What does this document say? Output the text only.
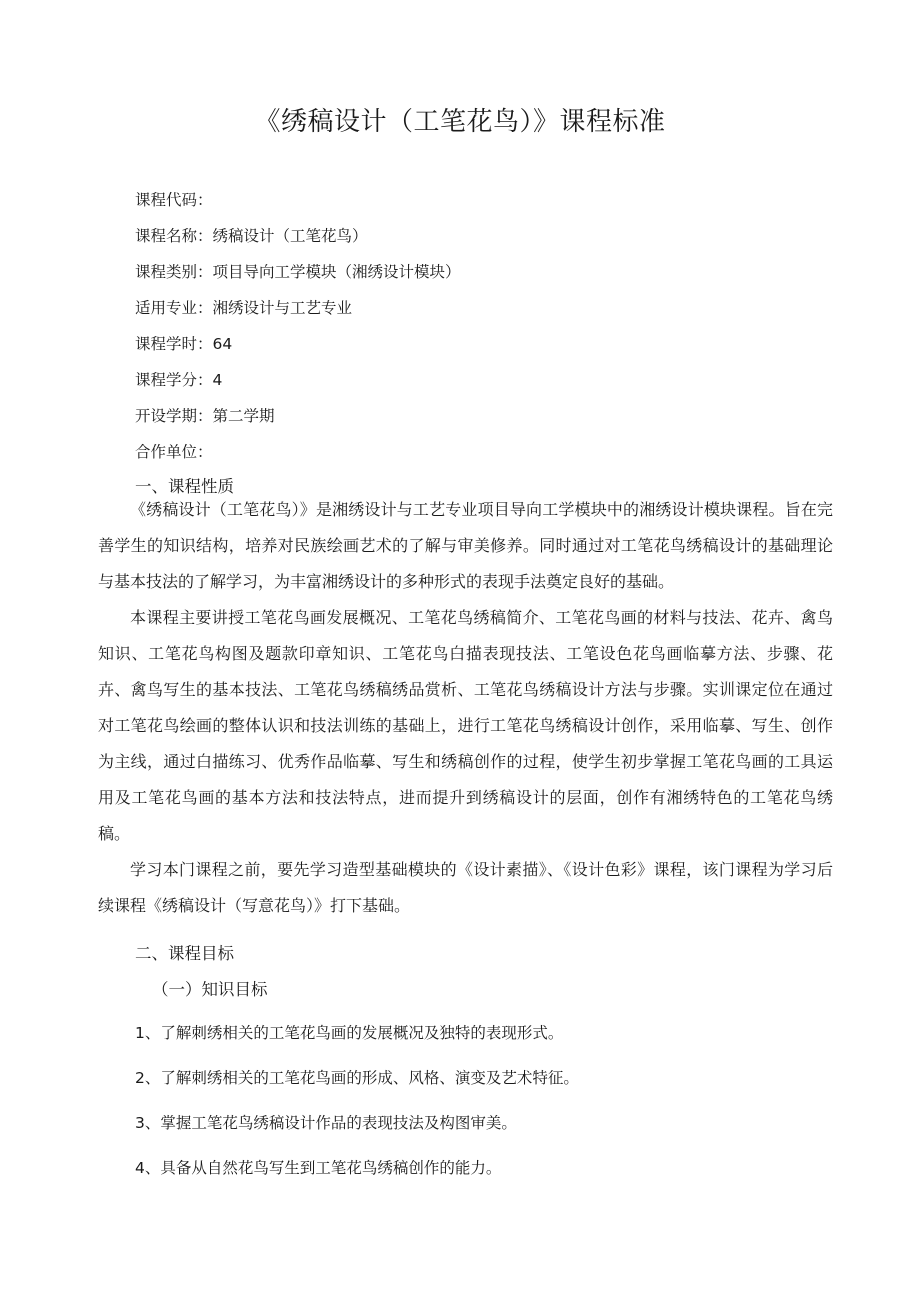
《绣稿设计（工笔花鸟）》课程标准
课程代码：
课程名称：绣稿设计（工笔花鸟）
课程类别：项目导向工学模块（湘绣设计模块）
适用专业：湘绣设计与工艺专业
课程学时：64
课程学分：4
开设学期：第二学期
合作单位：
一、课程性质

《绣稿设计（工笔花鸟）》是湘绣设计与工艺专业项目导向工学模块中的湘绣设计模块课程。旨在完善学生的知识结构，培养对民族绘画艺术的了解与审美修养。同时通过对工笔花鸟绣稿设计的基础理论与基本技法的了解学习，为丰富湘绣设计的多种形式的表现手法奠定良好的基础。

本课程主要讲授工笔花鸟画发展概况、工笔花鸟绣稿简介、工笔花鸟画的材料与技法、花卉、禽鸟知识、工笔花鸟构图及题款印章知识、工笔花鸟白描表现技法、工笔设色花鸟画临摹方法、步骤、花卉、禽鸟写生的基本技法、工笔花鸟绣稿绣品赏析、工笔花鸟绣稿设计方法与步骤。实训课定位在通过对工笔花鸟绘画的整体认识和技法训练的基础上，进行工笔花鸟绣稿设计创作，采用临摹、写生、创作为主线，通过白描练习、优秀作品临摹、写生和绣稿创作的过程，使学生初步掌握工笔花鸟画的工具运用及工笔花鸟画的基本方法和技法特点，进而提升到绣稿设计的层面，创作有湘绣特色的工笔花鸟绣稿。

学习本门课程之前，要先学习造型基础模块的《设计素描》、《设计色彩》课程，该门课程为学习后续课程《绣稿设计（写意花鸟）》打下基础。

二、课程目标
（一）知识目标
1、了解刺绣相关的工笔花鸟画的发展概况及独特的表现形式。
2、了解刺绣相关的工笔花鸟画的形成、风格、演变及艺术特征。
3、掌握工笔花鸟绣稿设计作品的表现技法及构图审美。
4、具备从自然花鸟写生到工笔花鸟绣稿创作的能力。
